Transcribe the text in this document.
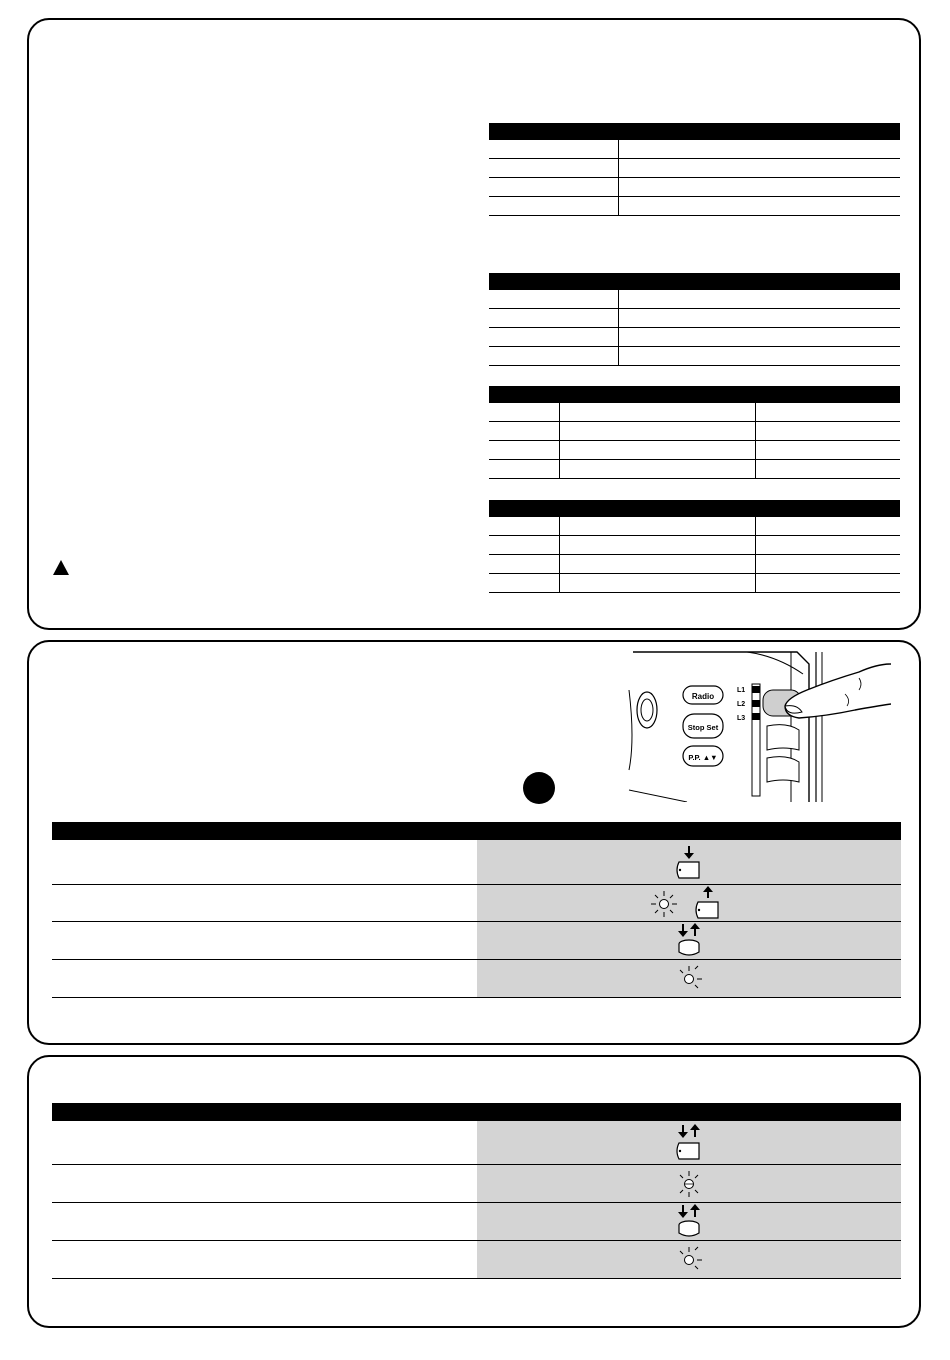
Radio
Stop Set
P.P. ▲▼
L1
L2
L3
